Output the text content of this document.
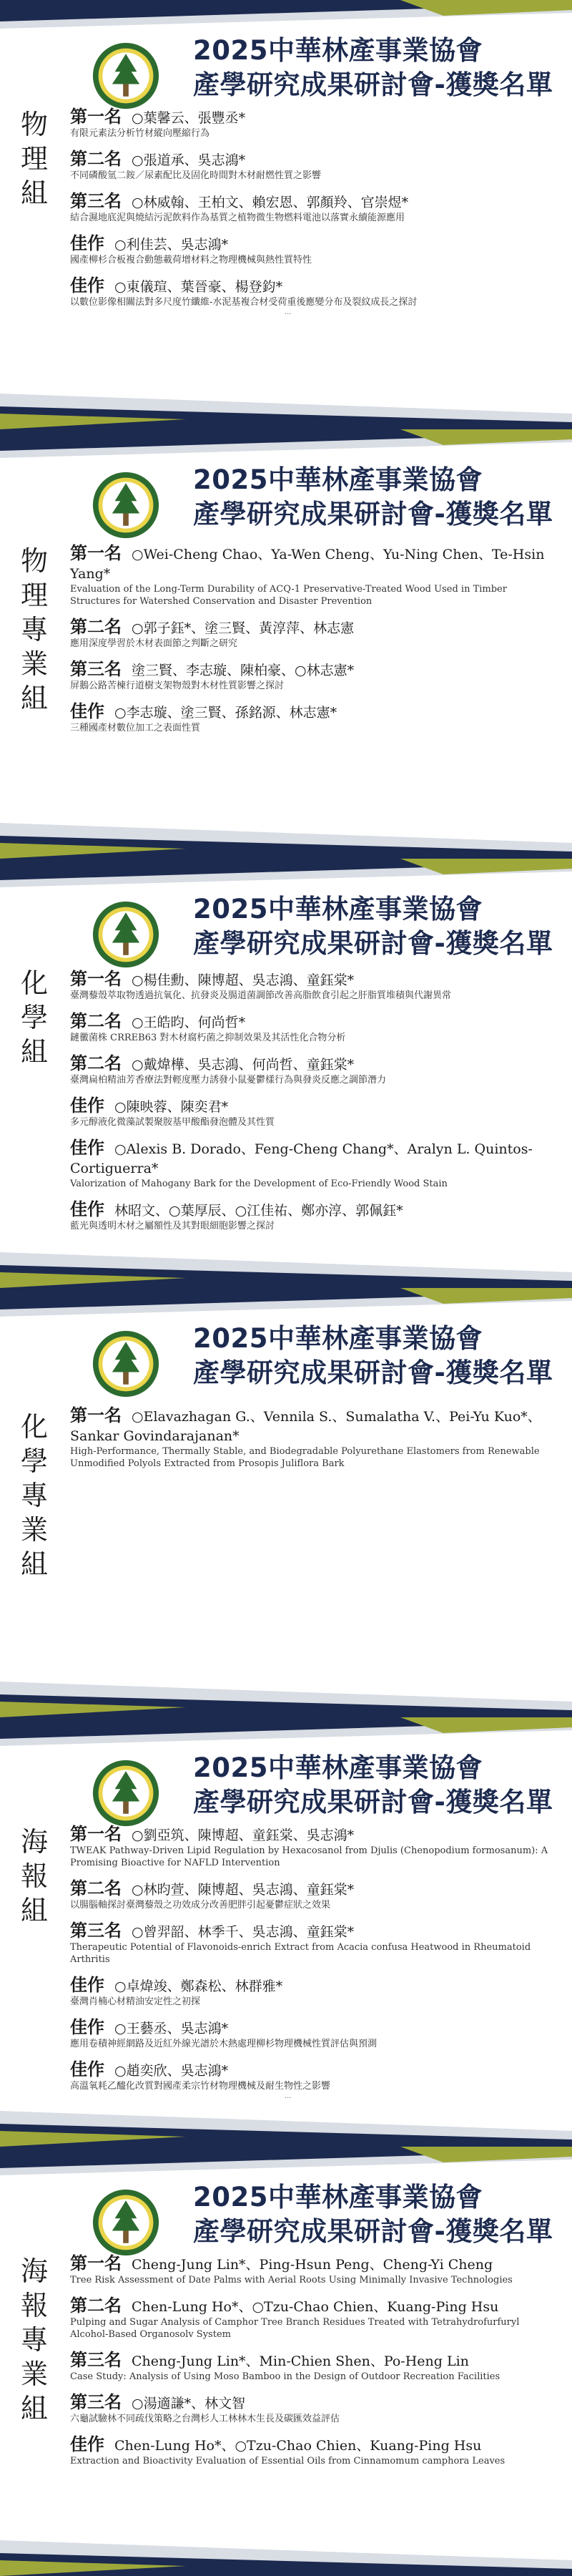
2025中華林產事業協會
產學研究成果研討會-獲獎名單
物
理
組
第一名 ○葉馨云、張豐丞*
有限元素法分析竹材縱向壓縮行為
第二名 ○張道承、吳志鴻*
不同磷酸氫二銨／尿素配比及固化時間對木材耐燃性質之影響
第三名 ○林威翰、王柏文、賴宏恩、郭顏羚、官崇煜*
結合濕地底泥與燒結污泥飲料作為基質之植物微生物燃料電池以落實永續能源應用
佳作 ○利佳芸、吳志鴻*
國產柳杉合板複合動態載荷增材料之物理機械與熱性質特性
佳作 ○東儀瑄、葉晉豪、楊登鈞*
以數位影像相關法對多尺度竹纖維-水泥基複合材受荷重後應變分布及裂紋成長之探討
...
2025中華林產事業協會
產學研究成果研討會-獲獎名單
物
理
專
業
組
第一名 ○Wei-Cheng Chao、Ya-Wen Cheng、Yu-Ning Chen、Te-Hsin Yang*
Evaluation of the Long-Term Durability of ACQ-1 Preservative-Treated Wood Used in Timber Structures for Watershed Conservation and Disaster Prevention
第二名 ○郭子鈺*、塗三賢、黃淳萍、林志憲
應用深度學習於木材表面節之判斷之研究
第三名 塗三賢、李志璇、陳柏豪、○林志憲*
屏鵝公路苦楝行道樹支架物殼對木材性質影響之探討
佳作 ○李志璇、塗三賢、孫銘源、林志憲*
三種國產材數位加工之表面性質
2025中華林產事業協會
產學研究成果研討會-獲獎名單
化
學
組
第一名 ○楊佳勳、陳博超、吳志鴻、童鈺棠*
臺灣藜殼萃取物透過抗氧化、抗發炎及腸道菌調節改善高脂飲食引起之肝脂質堆積與代謝異常
第二名 ○王皓昀、何尚哲*
鏈黴菌株 CRREB63 對木材腐朽菌之抑制效果及其活性化合物分析
第二名 ○戴煒樺、吳志鴻、何尚哲、童鈺棠*
臺灣扁柏精油芳香療法對輕度壓力誘發小鼠憂鬱樣行為與發炎反應之調節潛力
佳作 ○陳映蓉、陳奕君*
多元醇液化微藻試製聚胺基甲酸酯發泡體及其性質
佳作 ○Alexis B. Dorado、Feng-Cheng Chang*、Aralyn L. Quintos-Cortiguerra*
Valorization of Mahogany Bark for the Development of Eco-Friendly Wood Stain
佳作 林昭文、○葉厚辰、○江佳祐、鄭亦淳、郭佩鈺*
藍光與透明木材之屬額性及其對眼細胞影響之探討
2025中華林產事業協會
產學研究成果研討會-獲獎名單
化
學
專
業
組
第一名 ○Elavazhagan G.、Vennila S.、Sumalatha V.、Pei-Yu Kuo*、Sankar Govindarajanan*
High-Performance, Thermally Stable, and Biodegradable Polyurethane Elastomers from Renewable Unmodified Polyols Extracted from Prosopis Juliflora Bark
2025中華林產事業協會
產學研究成果研討會-獲獎名單
海
報
組
第一名 ○劉亞筑、陳博超、童鈺棠、吳志鴻*
TWEAK Pathway-Driven Lipid Regulation by Hexacosanol from Djulis (Chenopodium formosanum): A Promising Bioactive for NAFLD Intervention
第二名 ○林昀萱、陳博超、吳志鴻、童鈺棠*
以腸腦軸探討臺灣藜殼之功效成分改善肥胖引起憂鬱症狀之效果
第三名 ○曾羿韶、林季千、吳志鴻、童鈺棠*
Therapeutic Potential of Flavonoids-enrich Extract from Acacia confusa Heatwood in Rheumatoid Arthritis
佳作 ○卓煒竣、鄭森松、林群雅*
臺灣肖楠心材精油安定性之初探
佳作 ○王藝丞、吳志鴻*
應用卷積神經網路及近紅外線光譜於木熱處理柳杉物理機械性質評估與預測
佳作 ○趙奕欣、吳志鴻*
高溫氧耗乙醯化改質對國產柔宗竹材物理機械及耐生物性之影響
...
2025中華林產事業協會
產學研究成果研討會-獲獎名單
海
報
專
業
組
第一名 Cheng-Jung Lin*、Ping-Hsun Peng、Cheng-Yi Cheng
Tree Risk Assessment of Date Palms with Aerial Roots Using Minimally Invasive Technologies
第二名 Chen-Lung Ho*、○Tzu-Chao Chien、Kuang-Ping Hsu
Pulping and Sugar Analysis of Camphor Tree Branch Residues Treated with Tetrahydrofurfuryl Alcohol-Based Organosolv System
第三名 Cheng-Jung Lin*、Min-Chien Shen、Po-Heng Lin
Case Study: Analysis of Using Moso Bamboo in the Design of Outdoor Recreation Facilities
第三名 ○湯適謙*、林文智
六龜試驗林不同疏伐策略之台灣杉人工林林木生長及碳匯效益評估
佳作 Chen-Lung Ho*、○Tzu-Chao Chien、Kuang-Ping Hsu
Extraction and Bioactivity Evaluation of Essential Oils from Cinnamomum camphora Leaves
